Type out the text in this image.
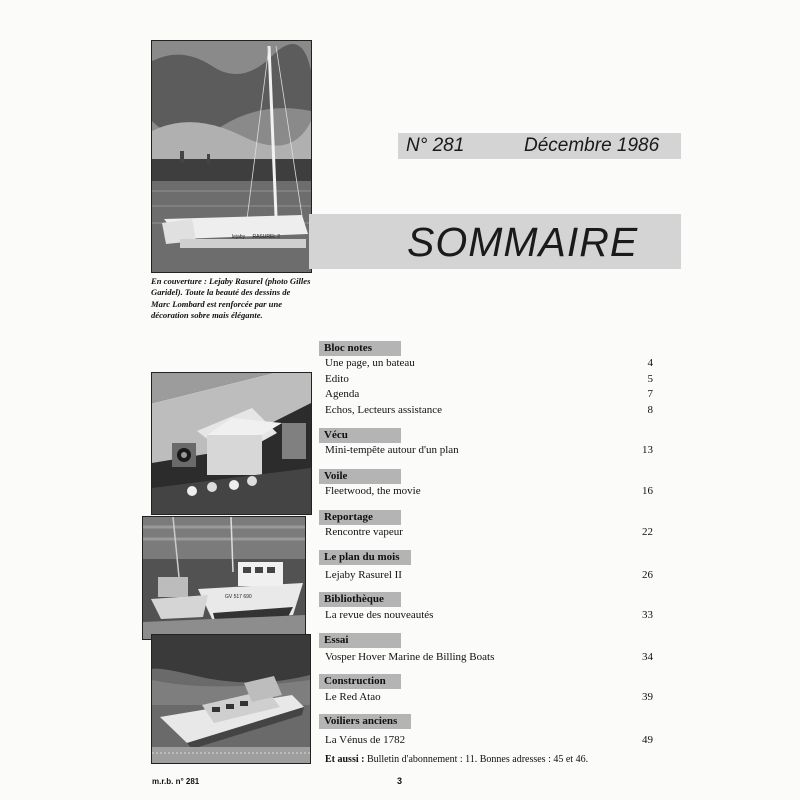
lejaby RASUREL 2
En couverture : Lejaby Rasurel (photo Gilles Garidel). Toute la beauté des dessins de Marc Lombard est renforcée par une décoration sobre mais élégante.
N° 281	Décembre 1986
SOMMAIRE
GV 517 690
Bloc notes
Une page, un bateau	4
Edito	5
Agenda	7
Echos, Lecteurs assistance	8
Vécu
Mini-tempête autour d'un plan	13
Voile
Fleetwood, the movie	16
Reportage
Rencontre vapeur	22
Le plan du mois
Lejaby Rasurel II	26
Bibliothèque
La revue des nouveautés	33
Essai
Vosper Hover Marine de Billing Boats	34
Construction
Le Red Atao	39
Voiliers anciens
La Vénus de 1782	49
Et aussi : Bulletin d'abonnement : 11. Bonnes adresses : 45 et 46.
m.r.b. n° 281	3
